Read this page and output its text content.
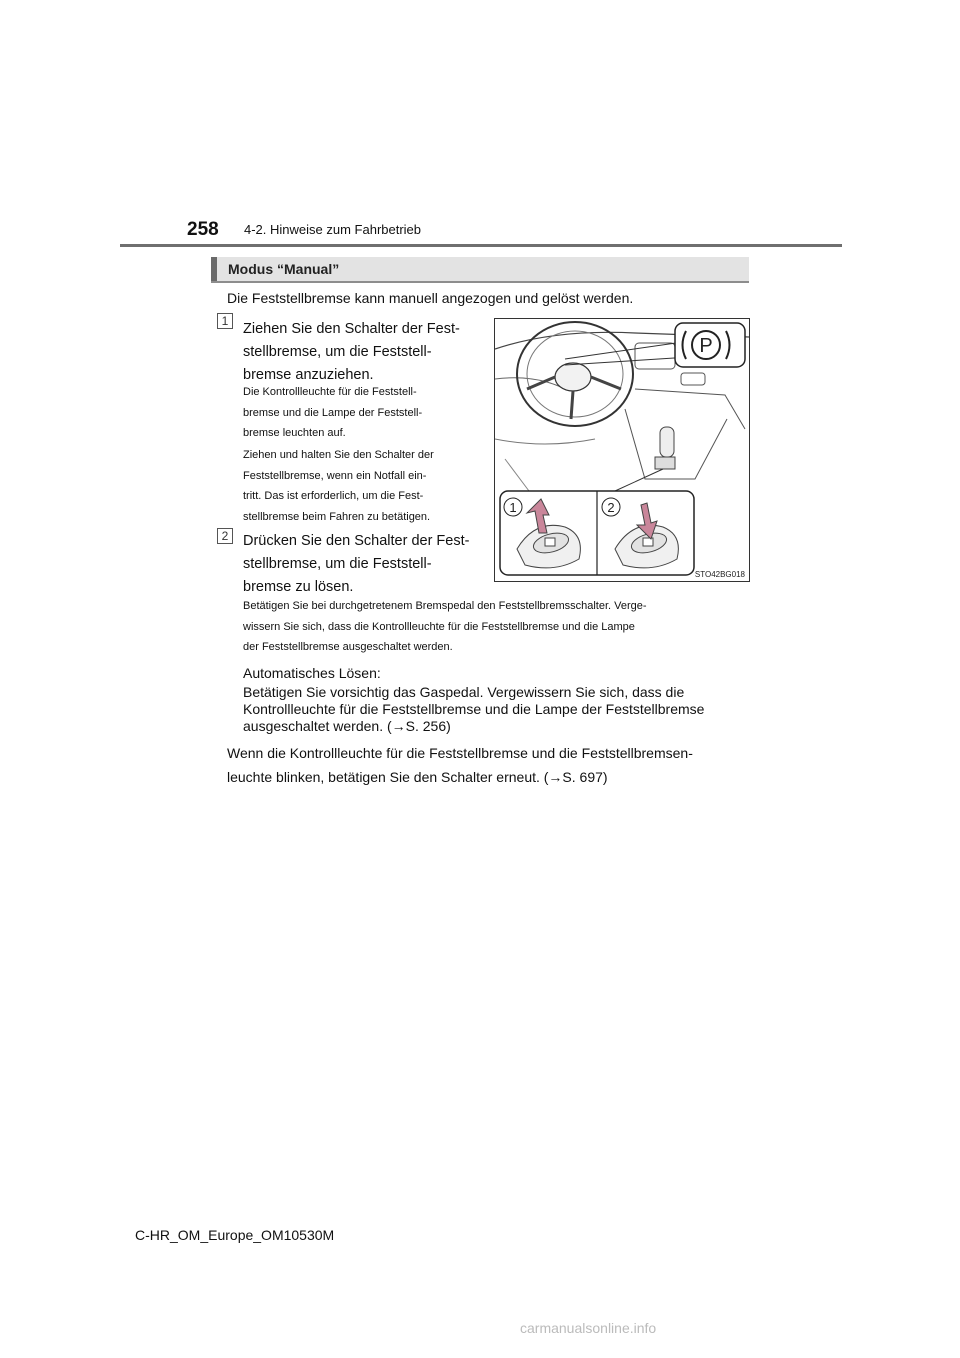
258 4-2. Hinweise zum Fahrbetrieb
Modus “Manual”
Die Feststellbremse kann manuell angezogen und gelöst werden.
1	Ziehen Sie den Schalter der Fest-
stellbremse, um die Feststell-
bremse anzuziehen.
Die Kontrollleuchte für die Feststell-
bremse und die Lampe der Feststell-
bremse leuchten auf.
Ziehen und halten Sie den Schalter der
Feststellbremse, wenn ein Notfall ein-
tritt. Das ist erforderlich, um die Fest-
stellbremse beim Fahren zu betätigen.
2	Drücken Sie den Schalter der Fest-
stellbremse, um die Feststell-
bremse zu lösen.
Betätigen Sie bei durchgetretenem Bremspedal den Feststellbremsschalter. Verge-
wissern Sie sich, dass die Kontrollleuchte für die Feststellbremse und die Lampe
der Feststellbremse ausgeschaltet werden.
P
1	2
STO42BG018
Automatisches Lösen:
Betätigen Sie vorsichtig das Gaspedal. Vergewissern Sie sich, dass die
Kontrollleuchte für die Feststellbremse und die Lampe der Feststellbremse
ausgeschaltet werden. (→S. 256)
Wenn die Kontrollleuchte für die Feststellbremse und die Feststellbremsen-
leuchte blinken, betätigen Sie den Schalter erneut. (→S. 697)
C-HR_OM_Europe_OM10530M
carmanualsonline.info
